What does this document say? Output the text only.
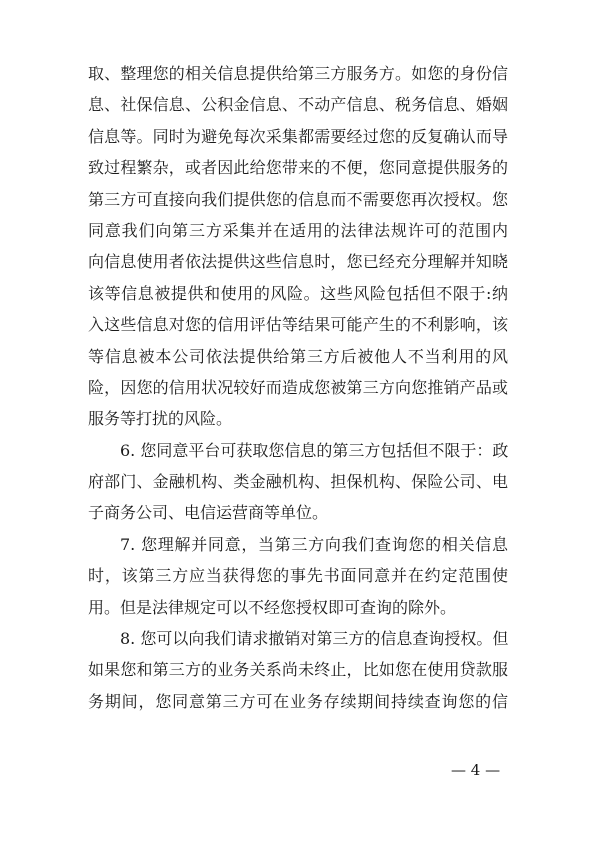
取、整理您的相关信息提供给第三方服务方。如您的身份信
息、社保信息、公积金信息、不动产信息、税务信息、婚姻
信息等。同时为避免每次采集都需要经过您的反复确认而导
致过程繁杂，或者因此给您带来的不便，您同意提供服务的
第三方可直接向我们提供您的信息而不需要您再次授权。您
同意我们向第三方采集并在适用的法律法规许可的范围内
向信息使用者依法提供这些信息时，您已经充分理解并知晓
该等信息被提供和使用的风险。这些风险包括但不限于:纳
入这些信息对您的信用评估等结果可能产生的不利影响，该
等信息被本公司依法提供给第三方后被他人不当利用的风
险，因您的信用状况较好而造成您被第三方向您推销产品或
服务等打扰的风险。
6. 您同意平台可获取您信息的第三方包括但不限于：政
府部门、金融机构、类金融机构、担保机构、保险公司、电
子商务公司、电信运营商等单位。
7. 您理解并同意，当第三方向我们查询您的相关信息
时，该第三方应当获得您的事先书面同意并在约定范围使
用。但是法律规定可以不经您授权即可查询的除外。
8. 您可以向我们请求撤销对第三方的信息查询授权。但
如果您和第三方的业务关系尚未终止，比如您在使用贷款服
务期间，您同意第三方可在业务存续期间持续查询您的信
— 4 —
